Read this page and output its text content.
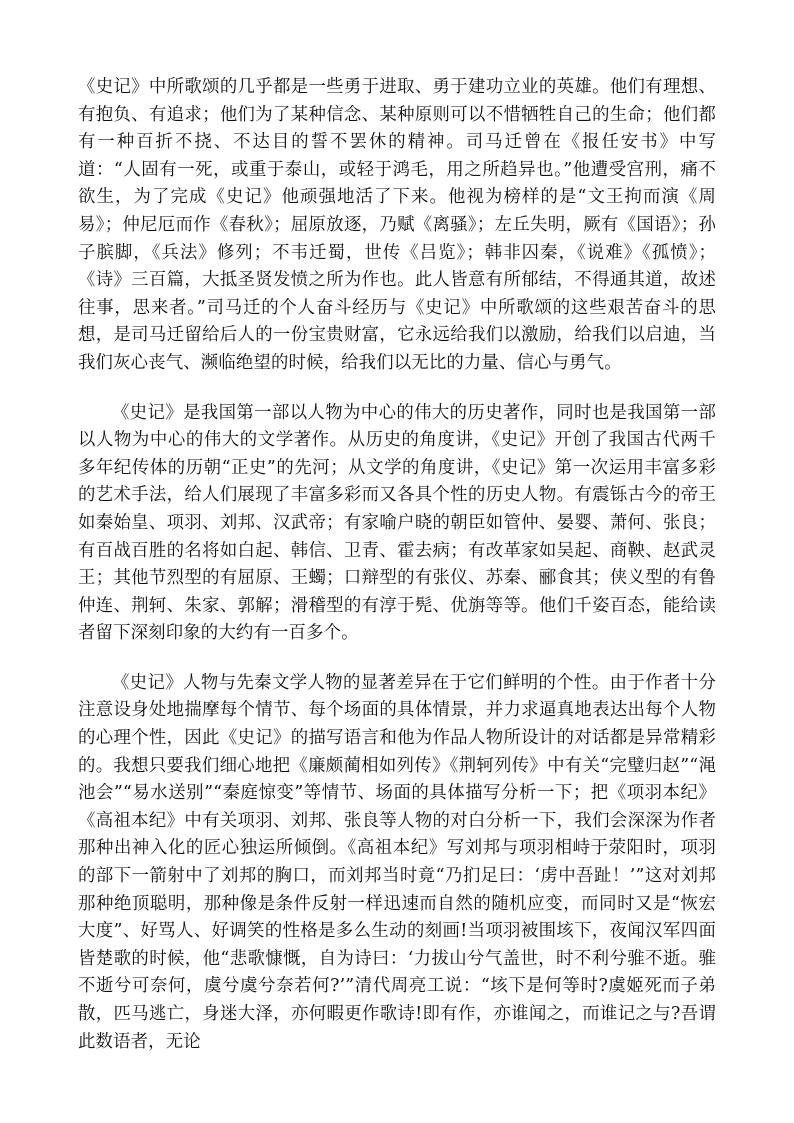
《史记》中所歌颂的几乎都是一些勇于进取、勇于建功立业的英雄。他们有理想、有抱负、有追求；他们为了某种信念、某种原则可以不惜牺牲自己的生命；他们都有一种百折不挠、不达目的誓不罢休的精神。司马迁曾在《报任安书》中写道：“人固有一死，或重于泰山，或轻于鸿毛，用之所趋异也。”他遭受宫刑，痛不欲生，为了完成《史记》他顽强地活了下来。他视为榜样的是“文王拘而演《周易》；仲尼厄而作《春秋》；屈原放逐，乃赋《离骚》；左丘失明，厥有《国语》；孙子膑脚，《兵法》修列；不韦迁蜀，世传《吕览》；韩非囚秦，《说难》《孤愤》；《诗》三百篇，大抵圣贤发愤之所为作也。此人皆意有所郁结，不得通其道，故述往事，思来者。”司马迁的个人奋斗经历与《史记》中所歌颂的这些艰苦奋斗的思想，是司马迁留给后人的一份宝贵财富，它永远给我们以激励，给我们以启迪，当我们灰心丧气、濒临绝望的时候，给我们以无比的力量、信心与勇气。

《史记》是我国第一部以人物为中心的伟大的历史著作，同时也是我国第一部以人物为中心的伟大的文学著作。从历史的角度讲，《史记》开创了我国古代两千多年纪传体的历朝“正史”的先河；从文学的角度讲，《史记》第一次运用丰富多彩的艺术手法，给人们展现了丰富多彩而又各具个性的历史人物。有震铄古今的帝王如秦始皇、项羽、刘邦、汉武帝；有家喻户晓的朝臣如管仲、晏婴、萧何、张良；有百战百胜的名将如白起、韩信、卫青、霍去病；有改革家如吴起、商鞅、赵武灵王；其他节烈型的有屈原、王蠋；口辩型的有张仪、苏秦、郦食其；侠义型的有鲁仲连、荆轲、朱家、郭解；滑稽型的有淳于髡、优旃等等。他们千姿百态，能给读者留下深刻印象的大约有一百多个。

《史记》人物与先秦文学人物的显著差异在于它们鲜明的个性。由于作者十分注意设身处地揣摩每个情节、每个场面的具体情景，并力求逼真地表达出每个人物的心理个性，因此《史记》的描写语言和他为作品人物所设计的对话都是异常精彩的。我想只要我们细心地把《廉颇蔺相如列传》《荆轲列传》中有关“完璧归赵”“渑池会”“易水送别”“秦庭惊变”等情节、场面的具体描写分析一下；把《项羽本纪》《高祖本纪》中有关项羽、刘邦、张良等人物的对白分析一下，我们会深深为作者那种出神入化的匠心独运所倾倒。《高祖本纪》写刘邦与项羽相峙于荥阳时，项羽的部下一箭射中了刘邦的胸口，而刘邦当时竟“乃扪足曰：‘虏中吾趾！’”这对刘邦那种绝顶聪明，那种像是条件反射一样迅速而自然的随机应变，而同时又是“恢宏大度”、好骂人、好调笑的性格是多么生动的刻画!当项羽被围垓下，夜闻汉军四面皆楚歌的时候，他“悲歌慷慨，自为诗曰：‘力拔山兮气盖世，时不利兮骓不逝。骓不逝兮可奈何，虞兮虞兮奈若何?’”清代周亮工说：“垓下是何等时?虞姬死而子弟散，匹马逃亡，身迷大泽，亦何暇更作歌诗!即有作，亦谁闻之，而谁记之与?吾谓此数语者，无论
